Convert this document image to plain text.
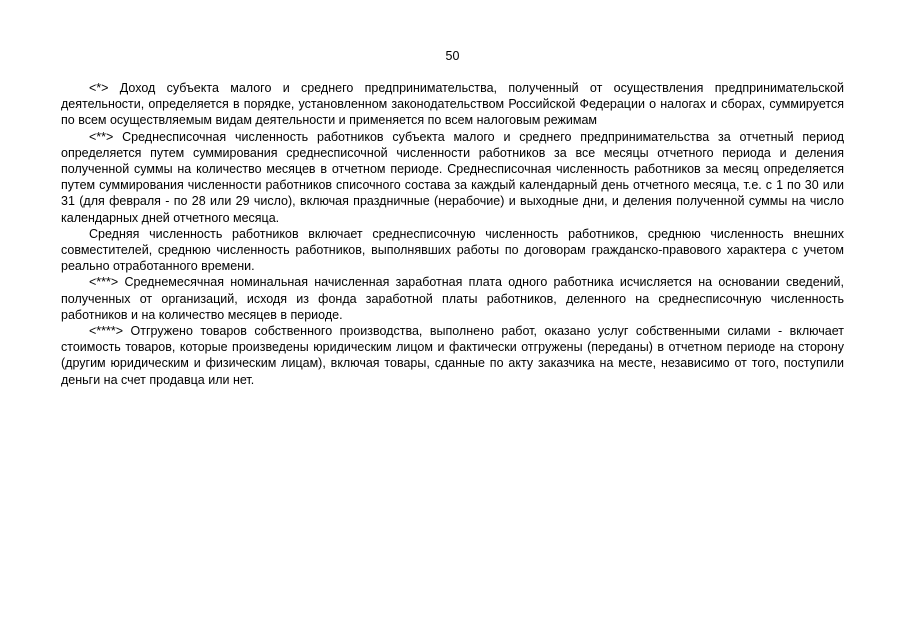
50

<*> Доход субъекта малого и среднего предпринимательства, полученный от осуществления предпринимательской деятельности, определяется в порядке, установленном законодательством Российской Федерации о налогах и сборах, суммируется по всем осуществляемым видам деятельности и применяется по всем налоговым режимам

<**> Среднесписочная численность работников субъекта малого и среднего предпринимательства за отчетный период определяется путем суммирования среднесписочной численности работников за все месяцы отчетного периода и деления полученной суммы на количество месяцев в отчетном периоде. Среднесписочная численность работников за месяц определяется путем суммирования численности работников списочного состава за каждый календарный день отчетного месяца, т.е. с 1 по 30 или 31 (для февраля - по 28 или 29 число), включая праздничные (нерабочие) и выходные дни, и деления полученной суммы на число календарных дней отчетного месяца.

Средняя численность работников включает среднесписочную численность работников, среднюю численность внешних совместителей, среднюю численность работников, выполнявших работы по договорам гражданско-правового характера с учетом реально отработанного времени.

<***> Среднемесячная номинальная начисленная заработная плата одного работника исчисляется на основании сведений, полученных от организаций, исходя из фонда заработной платы работников, деленного на среднесписочную численность работников и на количество месяцев в периоде.

<****> Отгружено товаров собственного производства, выполнено работ, оказано услуг собственными силами - включает стоимость товаров, которые произведены юридическим лицом и фактически отгружены (переданы) в отчетном периоде на сторону (другим юридическим и физическим лицам), включая товары, сданные по акту заказчика на месте, независимо от того, поступили деньги на счет продавца или нет.
